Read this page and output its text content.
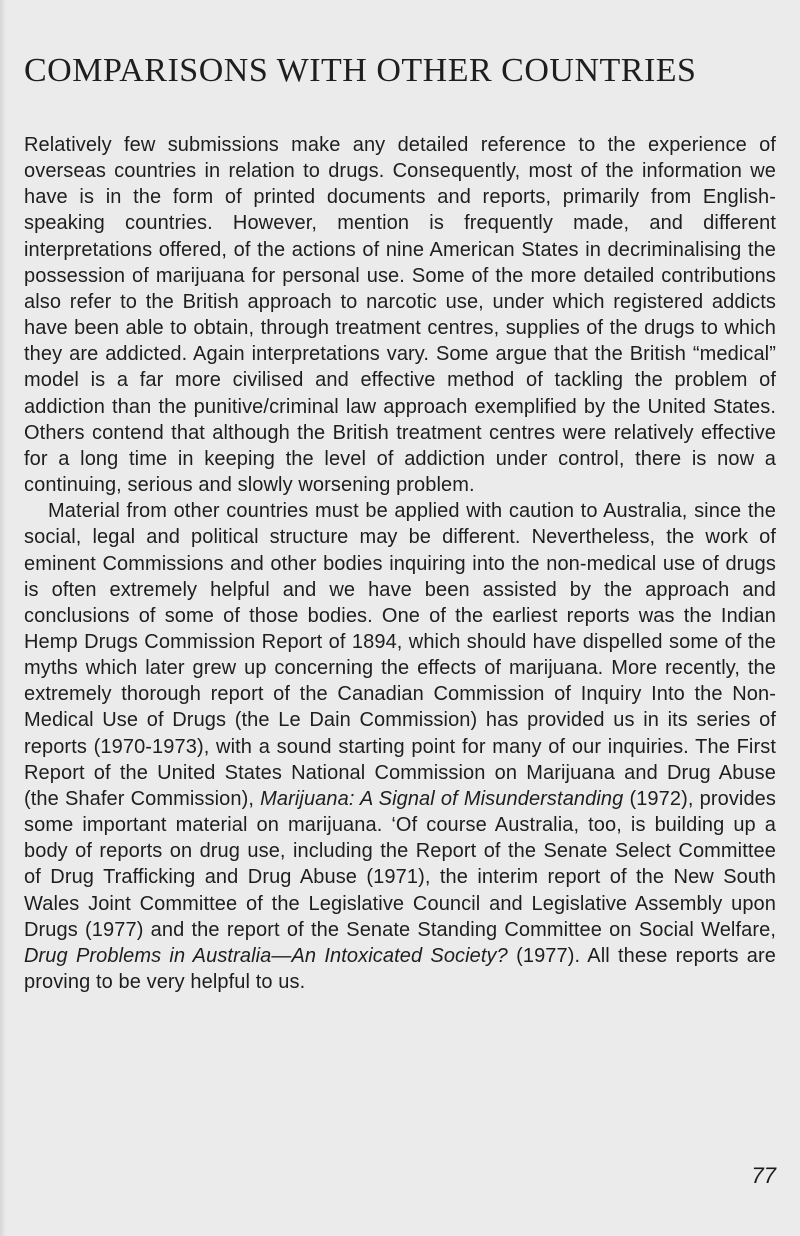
COMPARISONS WITH OTHER COUNTRIES

Relatively few submissions make any detailed reference to the experience of overseas countries in relation to drugs. Consequently, most of the information we have is in the form of printed documents and reports, primarily from English-speaking countries. However, mention is frequently made, and different interpretations offered, of the actions of nine American States in decriminalising the possession of marijuana for personal use. Some of the more detailed contributions also refer to the British approach to narcotic use, under which registered addicts have been able to obtain, through treatment centres, supplies of the drugs to which they are addicted. Again interpretations vary. Some argue that the British “medical” model is a far more civilised and effective method of tackling the problem of addiction than the punitive/criminal law approach exemplified by the United States. Others contend that although the British treatment centres were relatively effective for a long time in keeping the level of addiction under control, there is now a continuing, serious and slowly worsening problem.

Material from other countries must be applied with caution to Australia, since the social, legal and political structure may be different. Nevertheless, the work of eminent Commissions and other bodies inquiring into the non-medical use of drugs is often extremely helpful and we have been assisted by the approach and conclusions of some of those bodies. One of the earliest reports was the Indian Hemp Drugs Commission Report of 1894, which should have dispelled some of the myths which later grew up concerning the effects of marijuana. More recently, the extremely thorough report of the Canadian Commission of Inquiry Into the Non-Medical Use of Drugs (the Le Dain Commission) has provided us in its series of reports (1970-1973), with a sound starting point for many of our inquiries. The First Report of the United States National Commission on Marijuana and Drug Abuse (the Shafer Commission), Marijuana: A Signal of Misunderstanding (1972), provides some important material on marijuana. ‘Of course Australia, too, is building up a body of reports on drug use, including the Report of the Senate Select Committee of Drug Trafficking and Drug Abuse (1971), the interim report of the New South Wales Joint Committee of the Legislative Council and Legislative Assembly upon Drugs (1977) and the report of the Senate Standing Committee on Social Welfare, Drug Problems in Australia—An Intoxicated Society? (1977). All these reports are proving to be very helpful to us.

77
